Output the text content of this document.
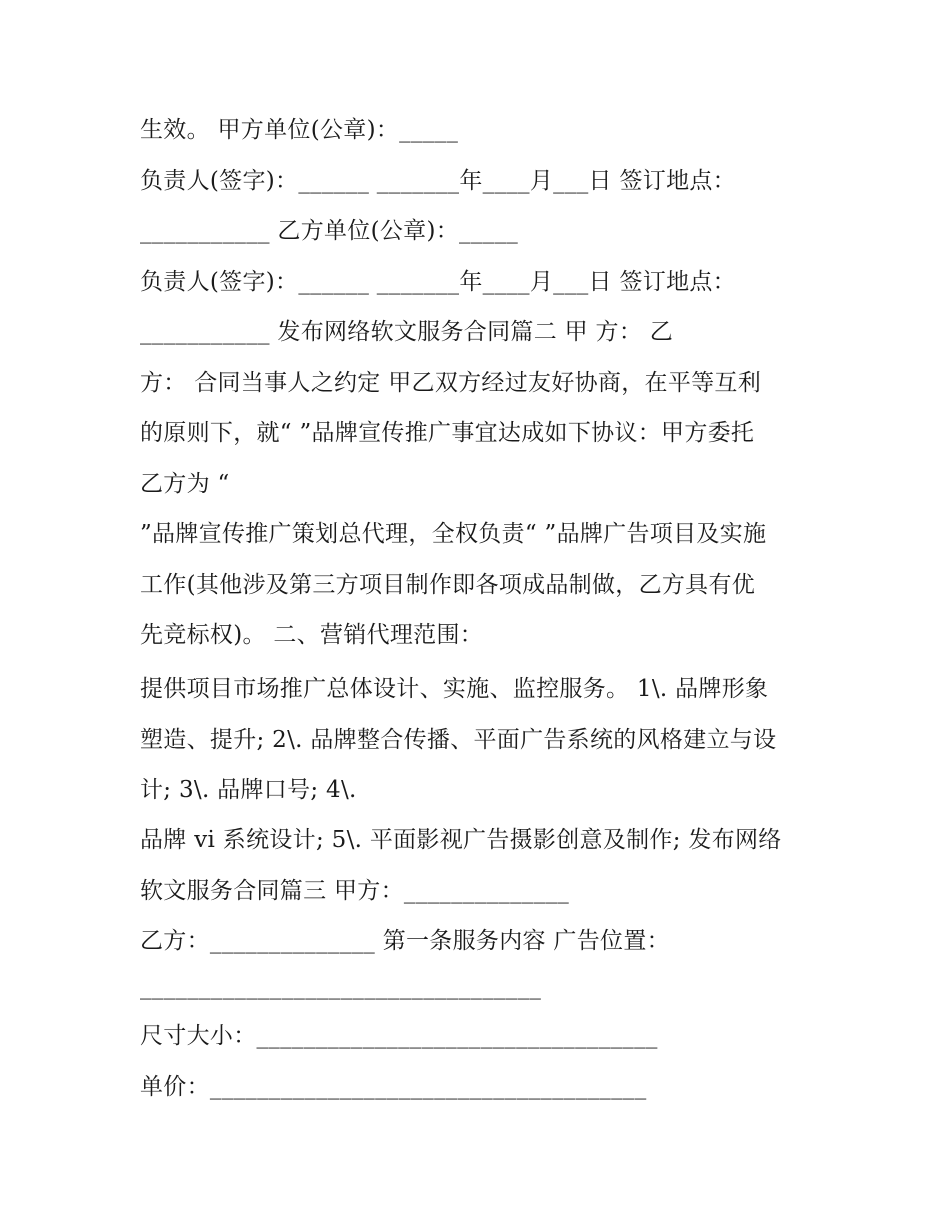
生效。 甲方单位(公章)：_____
负责人(签字)：______ _______年____月___日 签订地点：
___________ 乙方单位(公章)：_____
负责人(签字)：______ _______年____月___日 签订地点：
___________ 发布网络软文服务合同篇二 甲 方： 乙
方： 合同当事人之约定 甲乙双方经过友好协商，在平等互利
的原则下，就“ ”品牌宣传推广事宜达成如下协议：甲方委托
乙方为 “
”品牌宣传推广策划总代理，全权负责“ ”品牌广告项目及实施
工作(其他涉及第三方项目制作即各项成品制做，乙方具有优
先竞标权)。 二、营销代理范围：
提供项目市场推广总体设计、实施、监控服务。 1\. 品牌形象
塑造、提升; 2\. 品牌整合传播、平面广告系统的风格建立与设
计; 3\. 品牌口号; 4\.
品牌 vi 系统设计; 5\. 平面影视广告摄影创意及制作; 发布网络
软文服务合同篇三 甲方：______________
乙方：______________ 第一条服务内容 广告位置：
__________________________________
尺寸大小：__________________________________
单价：_____________________________________
